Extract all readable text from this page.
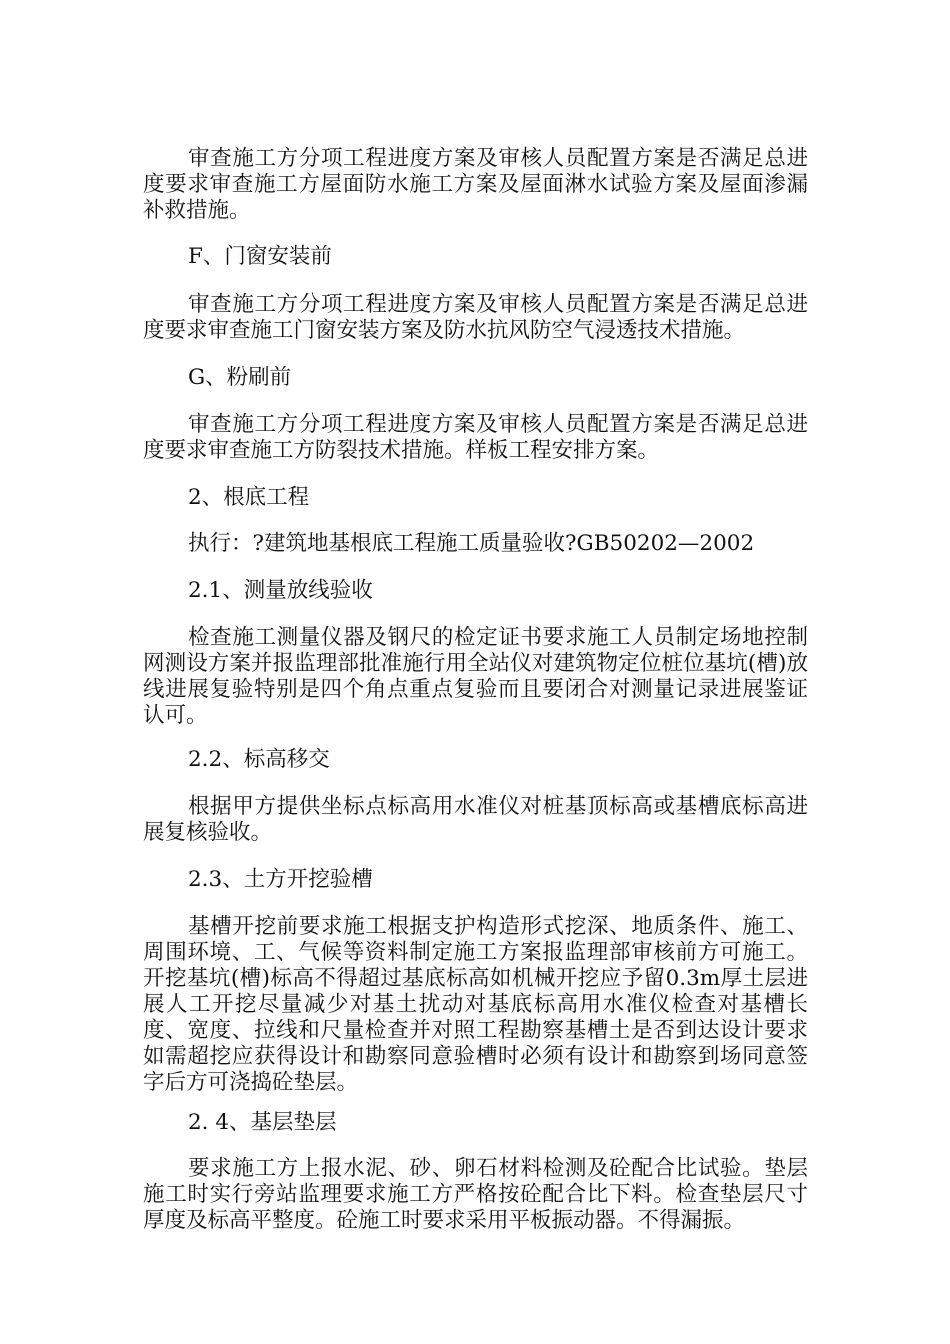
审查施工方分项工程进度方案及审核人员配置方案是否满足总进度要求审查施工方屋面防水施工方案及屋面淋水试验方案及屋面渗漏补救措施。

F、门窗安装前

审查施工方分项工程进度方案及审核人员配置方案是否满足总进度要求审查施工门窗安装方案及防水抗风防空气浸透技术措施。

G、粉刷前

审查施工方分项工程进度方案及审核人员配置方案是否满足总进度要求审查施工方防裂技术措施。样板工程安排方案。

2、根底工程

执行：?建筑地基根底工程施工质量验收?GB50202—2002

2.1、测量放线验收

检查施工测量仪器及钢尺的检定证书要求施工人员制定场地控制网测设方案并报监理部批准施行用全站仪对建筑物定位桩位基坑(槽)放线进展复验特别是四个角点重点复验而且要闭合对测量记录进展鉴证认可。

2.2、标高移交

根据甲方提供坐标点标高用水准仪对桩基顶标高或基槽底标高进展复核验收。

2.3、土方开挖验槽

基槽开挖前要求施工根据支护构造形式挖深、地质条件、施工、周围环境、工、气候等资料制定施工方案报监理部审核前方可施工。开挖基坑(槽)标高不得超过基底标高如机械开挖应予留0.3m厚土层进展人工开挖尽量减少对基土扰动对基底标高用水准仪检查对基槽长度、宽度、拉线和尺量检查并对照工程勘察基槽土是否到达设计要求如需超挖应获得设计和勘察同意验槽时必须有设计和勘察到场同意签字后方可浇捣砼垫层。

2. 4、基层垫层

要求施工方上报水泥、砂、卵石材料检测及砼配合比试验。垫层施工时实行旁站监理要求施工方严格按砼配合比下料。检查垫层尺寸厚度及标高平整度。砼施工时要求采用平板振动器。不得漏振。
